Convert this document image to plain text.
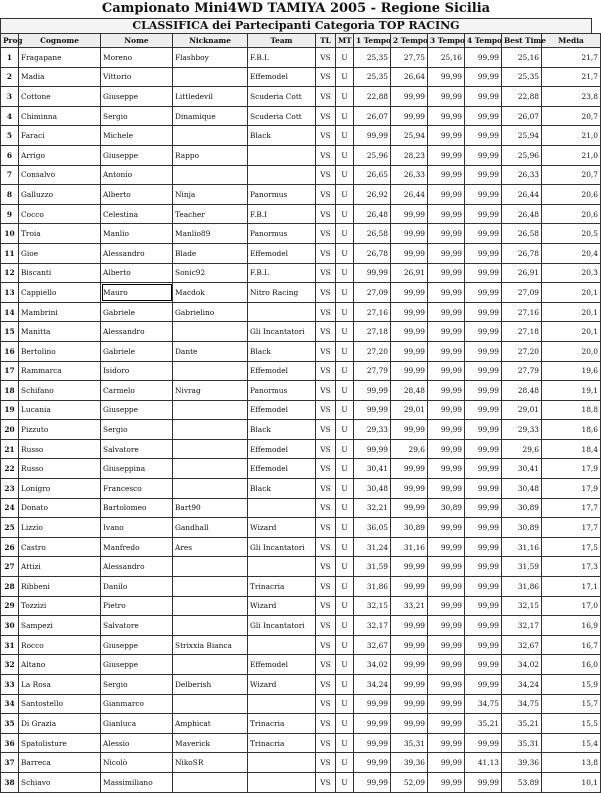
Campionato Mini4WD TAMIYA 2005 - Regione Sicilia
CLASSIFICA dei Partecipanti Categoria TOP RACING
Prog	Cognome	Nome	Nickname	Team	TL	MT	1 Tempo	2 Tempo	3 Tempo	4 Tempo	Best Time	Media
1	Fragapane	Moreno	Flashboy	F.B.I.	VS	U	25,35	27,75	25,16	99,99	25,16	21,7
2	Madia	Vittorio		Effemodel	VS	U	25,35	26,64	99,99	99,99	25,35	21,7
3	Cottone	Giuseppe	Littledevil	Scuderia Cott	VS	U	22,88	99,99	99,99	99,99	22,88	23,8
4	Chiminna	Sergio	Dinamique	Scuderia Cott	VS	U	26,07	99,99	99,99	99,99	26,07	20,7
5	Faraci	Michele		Black	VS	U	99,99	25,94	99,99	99,99	25,94	21,0
6	Arrigo	Giuseppe	Rappo		VS	U	25,96	28,23	99,99	99,99	25,96	21,0
7	Consalvo	Antonio			VS	U	26,65	26,33	99,99	99,99	26,33	20,7
8	Galluzzo	Alberto	Ninja	Panormus	VS	U	26,92	26,44	99,99	99,99	26,44	20,6
9	Cocco	Celestina	Teacher	F.B.I	VS	U	26,48	99,99	99,99	99,99	26,48	20,6
10	Troia	Manlio	Manlio89	Panormus	VS	U	26,58	99,99	99,99	99,99	26,58	20,5
11	Gioe	Alessandro	Blade	Effemodel	VS	U	26,78	99,99	99,99	99,99	26,78	20,4
12	Biscanti	Alberto	Sonic92	F.B.I.	VS	U	99,99	26,91	99,99	99,99	26,91	20,3
13	Cappiello	Mauro	Macdok	Nitro Racing	VS	U	27,09	99,99	99,99	99,99	27,09	20,1
14	Mambrini	Gabriele	Gabrielino		VS	U	27,16	99,99	99,99	99,99	27,16	20,1
15	Manitta	Alessandro		Gli Incantatori	VS	U	27,18	99,99	99,99	99,99	27,18	20,1
16	Bertolino	Gabriele	Dante	Black	VS	U	27,20	99,99	99,99	99,99	27,20	20,0
17	Rammarca	Isidoro		Effemodel	VS	U	27,79	99,99	99,99	99,99	27,79	19,6
18	Schifano	Carmelo	Nivrag	Panormus	VS	U	99,99	28,48	99,99	99,99	28,48	19,1
19	Lucania	Giuseppe		Effemodel	VS	U	99,99	29,01	99,99	99,99	29,01	18,8
20	Pizzuto	Sergio		Black	VS	U	29,33	99,99	99,99	99,99	29,33	18,6
21	Russo	Salvatore		Effemodel	VS	U	99,99	29,6	99,99	99,99	29,6	18,4
22	Russo	Giuseppina		Effemodel	VS	U	30,41	99,99	99,99	99,99	30,41	17,9
23	Lonigro	Francesco		Black	VS	U	30,48	99,99	99,99	99,99	30,48	17,9
24	Donato	Bartolomeo	Bart90		VS	U	32,21	99,99	30,89	99,99	30,89	17,7
25	Lizzio	Ivano	Gandhall	Wizard	VS	U	36,05	30,89	99,99	99,99	30,89	17,7
26	Castro	Manfredo	Ares	Gli Incantatori	VS	U	31,24	31,16	99,99	99,99	31,16	17,5
27	Attizi	Alessandro			VS	U	31,59	99,99	99,99	99,99	31,59	17,3
28	Ribbeni	Danilo		Trinacria	VS	U	31,86	99,99	99,99	99,99	31,86	17,1
29	Tozzizi	Pietro		Wizard	VS	U	32,15	33,21	99,99	99,99	32,15	17,0
30	Sampezi	Salvatore		Gli Incantatori	VS	U	32,17	99,99	99,99	99,99	32,17	16,9
31	Rocco	Giuseppe	Strixxia Bianca		VS	U	32,67	99,99	99,99	99,99	32,67	16,7
32	Altano	Giuseppe		Effemodel	VS	U	34,02	99,99	99,99	99,99	34,02	16,0
33	La Rosa	Sergio	Delberish	Wizard	VS	U	34,24	99,99	99,99	99,99	34,24	15,9
34	Santostello	Gianmarco			VS	U	99,99	99,99	99,99	34,75	34,75	15,7
35	Di Grazia	Gianluca	Amphicat	Trinacria	VS	U	99,99	99,99	99,99	35,21	35,21	15,5
36	Spatolisture	Alessio	Maverick	Trinacria	VS	U	99,99	35,31	99,99	99,99	35,31	15,4
37	Barreca	Nicolò	NikoSR		VS	U	99,99	39,36	99,99	41,13	39,36	13,8
38	Schiavo	Massimiliano			VS	U	99,99	52,09	99,99	99,99	53,89	10,1
